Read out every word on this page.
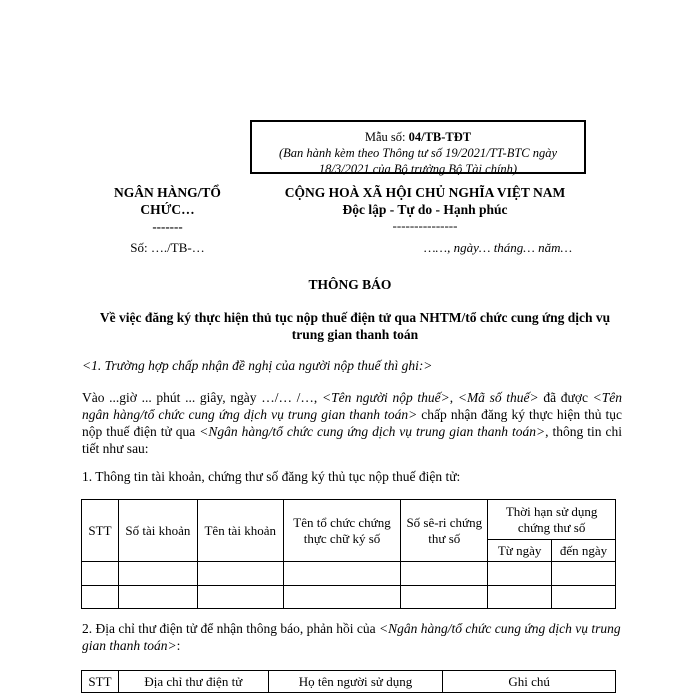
Mẫu số: 04/TB-TĐT
(Ban hành kèm theo Thông tư số 19/2021/TT-BTC ngày
18/3/2021 của Bộ trưởng Bộ Tài chính)
NGÂN HÀNG/TỔ
CHỨC…
-------
Số: …./TB-…
CỘNG HOÀ XÃ HỘI CHỦ NGHĨA VIỆT NAM
Độc lập - Tự do - Hạnh phúc
---------------
……, ngày… tháng… năm…
THÔNG BÁO
Về việc đăng ký thực hiện thủ tục nộp thuế điện tử qua NHTM/tổ chức cung ứng dịch vụ
trung gian thanh toán

<1. Trường hợp chấp nhận đề nghị của người nộp thuế thì ghi:>

Vào ...giờ ... phút ... giây, ngày …/… /…, <Tên người nộp thuế>, <Mã số thuế> đã được <Tên ngân hàng/tổ chức cung ứng dịch vụ trung gian thanh toán> chấp nhận đăng ký thực hiện thủ tục nộp thuế điện tử qua <Ngân hàng/tổ chức cung ứng dịch vụ trung gian thanh toán>, thông tin chi tiết như sau:

1. Thông tin tài khoản, chứng thư số đăng ký thủ tục nộp thuế điện tử:

STT	Số tài khoản	Tên tài khoản	Tên tổ chức chứng thực chữ ký số	Số sê-ri chứng thư số	Thời hạn sử dụng chứng thư số	
					Từ ngày	đến ngày

2. Địa chỉ thư điện tử để nhận thông báo, phản hồi của <Ngân hàng/tổ chức cung ứng dịch vụ trung gian thanh toán>:

STT	Địa chỉ thư điện tử	Họ tên người sử dụng	Ghi chú
